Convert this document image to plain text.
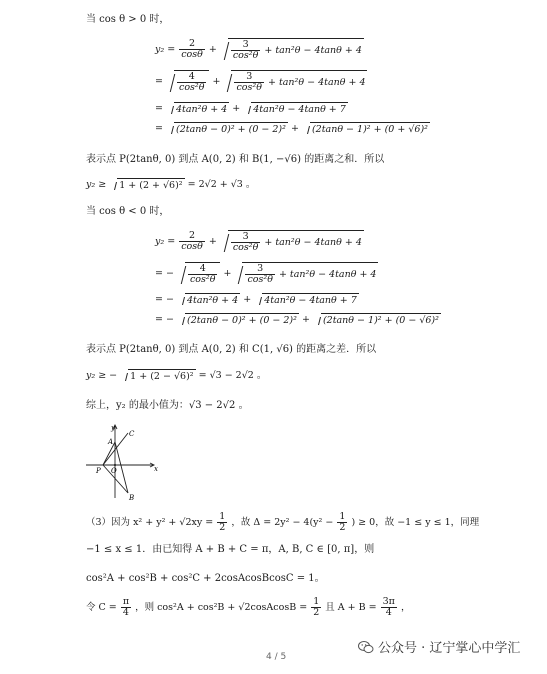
当 cos θ > 0 时，
$y_2 = \frac{2}{\cos\theta} + \frac{3}{\text{cos²θ}} + \tan^2\theta - 4\tan\theta + 4$
= $\frac{4}{\text{cos²θ}} + \frac{3}{\text{cos²θ}} + \tan^2\theta - 4\tan\theta + 4$
= 4tan²θ + 4 + 4tan²θ − 4tanθ + 7
= (2tanθ − 0)² + (0 − 2)² + (2tanθ − 1)² + (0 + √6)²
表示点 P(2tanθ, 0) 到点 A(0, 2) 和 B(1, −√6) 的距离之和．所以
y₂ ≥ 1 + (2 + √6)² = 2√2 + √3 。
当 cos θ < 0 时，
$y_2 = \frac{2}{\cos\theta} + \frac{3}{\text{cos²θ}} + \tan^2\theta - 4\tan\theta + 4$
= − $\frac{4}{\text{cos²θ}} + \frac{3}{\text{cos²θ}} + \tan^2\theta - 4\tan\theta + 4$
= − 4tan²θ + 4 + 4tan²θ − 4tanθ + 7
= − (2tanθ − 0)² + (0 − 2)² + (2tanθ − 1)² + (0 − √6)²
表示点 P(2tanθ, 0) 到点 A(0, 2) 和 C(1, √6) 的距离之差．所以
y₂ ≥ − 1 + (2 − √6)² = √3 − 2√2 。
综上，y₂ 的最小值为：√3 − 2√2 。
y
x
A
C
P O
B
（3）因为 $x^2 + y^2 + √2xy = \frac{1}{2}$ ，故 $\Delta = 2y^2 - 4(y^2 - \frac{1}{2}$ ) ≥ 0，故 −1 ≤ y ≤ 1，同理
−1 ≤ x ≤ 1．由已知得 A + B + C = π，A, B, C ∈ [0, π]，则
cos²A + cos²B + cos²C + 2cosAcosBcosC = 1。
令 $C = \frac{\pi}{4}$ ，则 cos²A + cos²B + √2cosAcosB = $\frac{1}{2}$ 且 $A + B = \frac{3\pi}{4}$ ，
4 / 5
公众号 · 辽宁掌心中学汇
